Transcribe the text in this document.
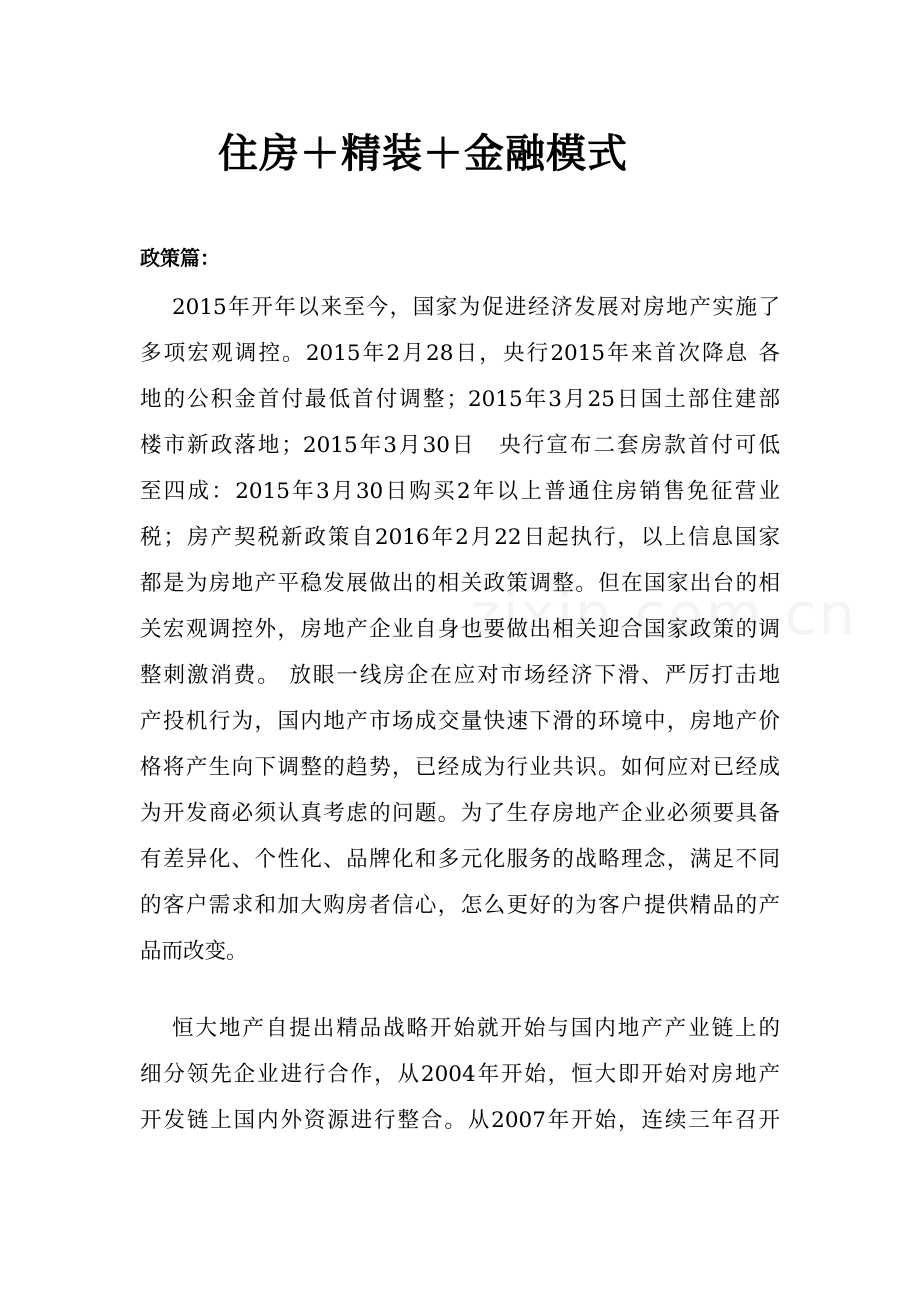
住房＋精装＋金融模式
政策篇：
2015年开年以来至今，国家为促进经济发展对房地产实施了
多项宏观调控。2015年2月28日，央行2015年来首次降息 各
地的公积金首付最低首付调整；2015年3月25日国土部住建部
楼市新政落地；2015年3月30日　央行宣布二套房款首付可低
至四成：2015年3月30日购买2年以上普通住房销售免征营业
税；房产契税新政策自2016年2月22日起执行，以上信息国家
都是为房地产平稳发展做出的相关政策调整。但在国家出台的相
关宏观调控外，房地产企业自身也要做出相关迎合国家政策的调
整刺激消费。 放眼一线房企在应对市场经济下滑、严厉打击地
产投机行为，国内地产市场成交量快速下滑的环境中，房地产价
格将产生向下调整的趋势，已经成为行业共识。如何应对已经成
为开发商必须认真考虑的问题。为了生存房地产企业必须要具备
有差异化、个性化、品牌化和多元化服务的战略理念，满足不同
的客户需求和加大购房者信心，怎么更好的为客户提供精品的产
品而改变。
恒大地产自提出精品战略开始就开始与国内地产产业链上的
细分领先企业进行合作，从2004年开始，恒大即开始对房地产
开发链上国内外资源进行整合。从2007年开始，连续三年召开
